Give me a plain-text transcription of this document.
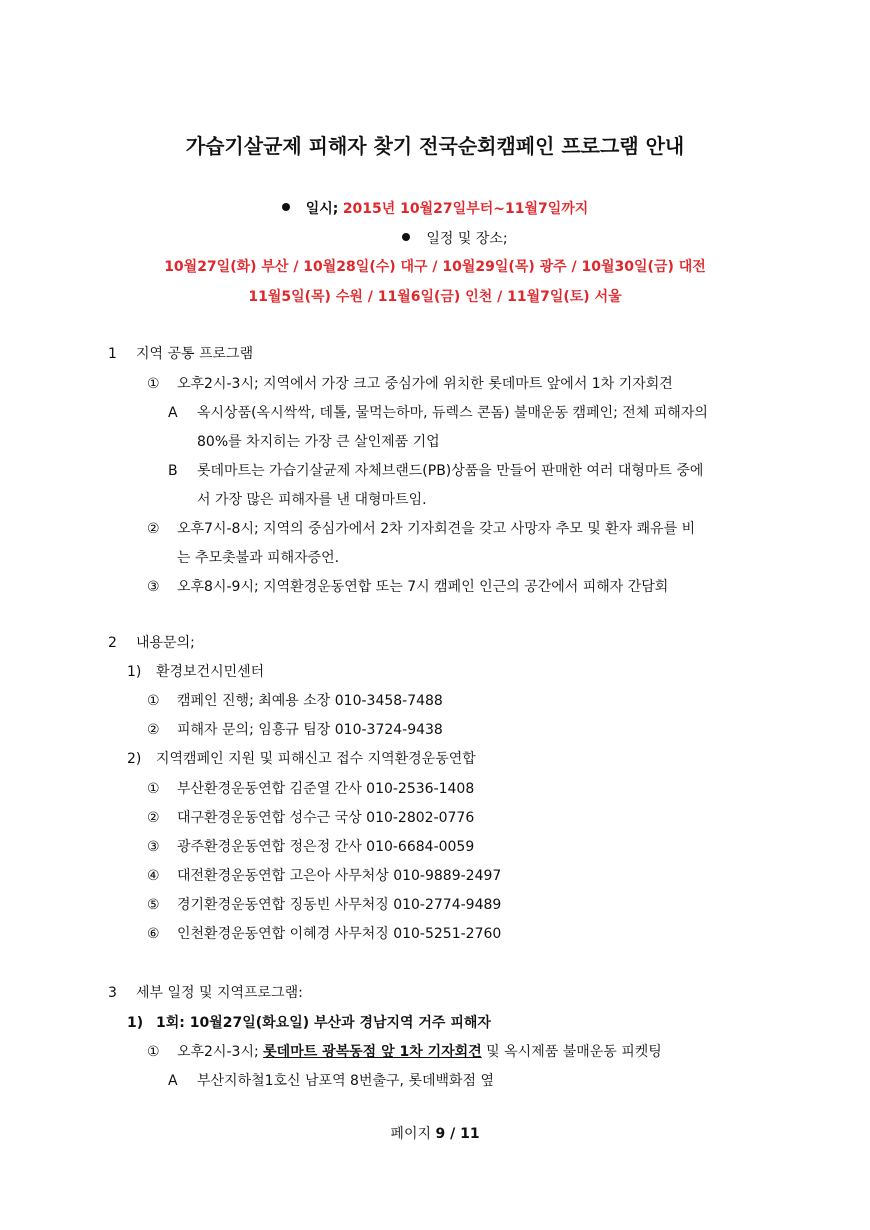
가습기살균제 피해자 찾기 전국순회캠페인 프로그램 안내
일시; 2015년 10월27일부터~11월7일까지
일정 및 장소;
10월27일(화) 부산 / 10월28일(수) 대구 / 10월29일(목) 광주 / 10월30일(금) 대전
11월5일(목) 수원 / 11월6일(금) 인천 / 11월7일(토) 서울
1 지역 공통 프로그램
① 오후2시-3시; 지역에서 가장 크고 중심가에 위치한 롯데마트 앞에서 1차 기자회견
A 옥시상품(옥시싹싹, 데톨, 물먹는하마, 듀렉스 콘돔) 불매운동 캠페인; 전체 피해자의
80%를 차지히는 가장 큰 살인제품 기업
B 롯데마트는 가습기살균제 자체브랜드(PB)상품을 만들어 판매한 여러 대형마트 중에
서 가장 많은 피해자를 낸 대형마트임.
② 오후7시-8시; 지역의 중심가에서 2차 기자회견을 갖고 사망자 추모 및 환자 쾌유를 비
는 추모촛불과 피해자증언.
③ 오후8시-9시; 지역환경운동연합 또는 7시 캠페인 인근의 공간에서 피해자 간담회
2 내용문의;
1) 환경보건시민센터
① 캠페인 진행; 최예용 소장 010-3458-7488
② 피해자 문의; 임흥규 팀장 010-3724-9438
2) 지역캠페인 지원 및 피해신고 접수 지역환경운동연합
① 부산환경운동연합 김준열 간사 010-2536-1408
② 대구환경운동연합 성수근 국상 010-2802-0776
③ 광주환경운동연합 정은정 간사 010-6684-0059
④ 대전환경운동연합 고은아 사무처상 010-9889-2497
⑤ 경기환경운동연합 징동빈 사무처징 010-2774-9489
⑥ 인천환경운동연합 이혜경 사무처징 010-5251-2760
3 세부 일정 및 지역프로그램:
1) 1회: 10월27일(화요일) 부산과 경남지역 거주 피해자
① 오후2시-3시; 롯데마트 광복동점 앞 1차 기자회견 및 옥시제품 불매운동 피켓팅
A 부산지하철1호신 남포역 8번출구, 롯데백화점 옆
페이지 9 / 11
